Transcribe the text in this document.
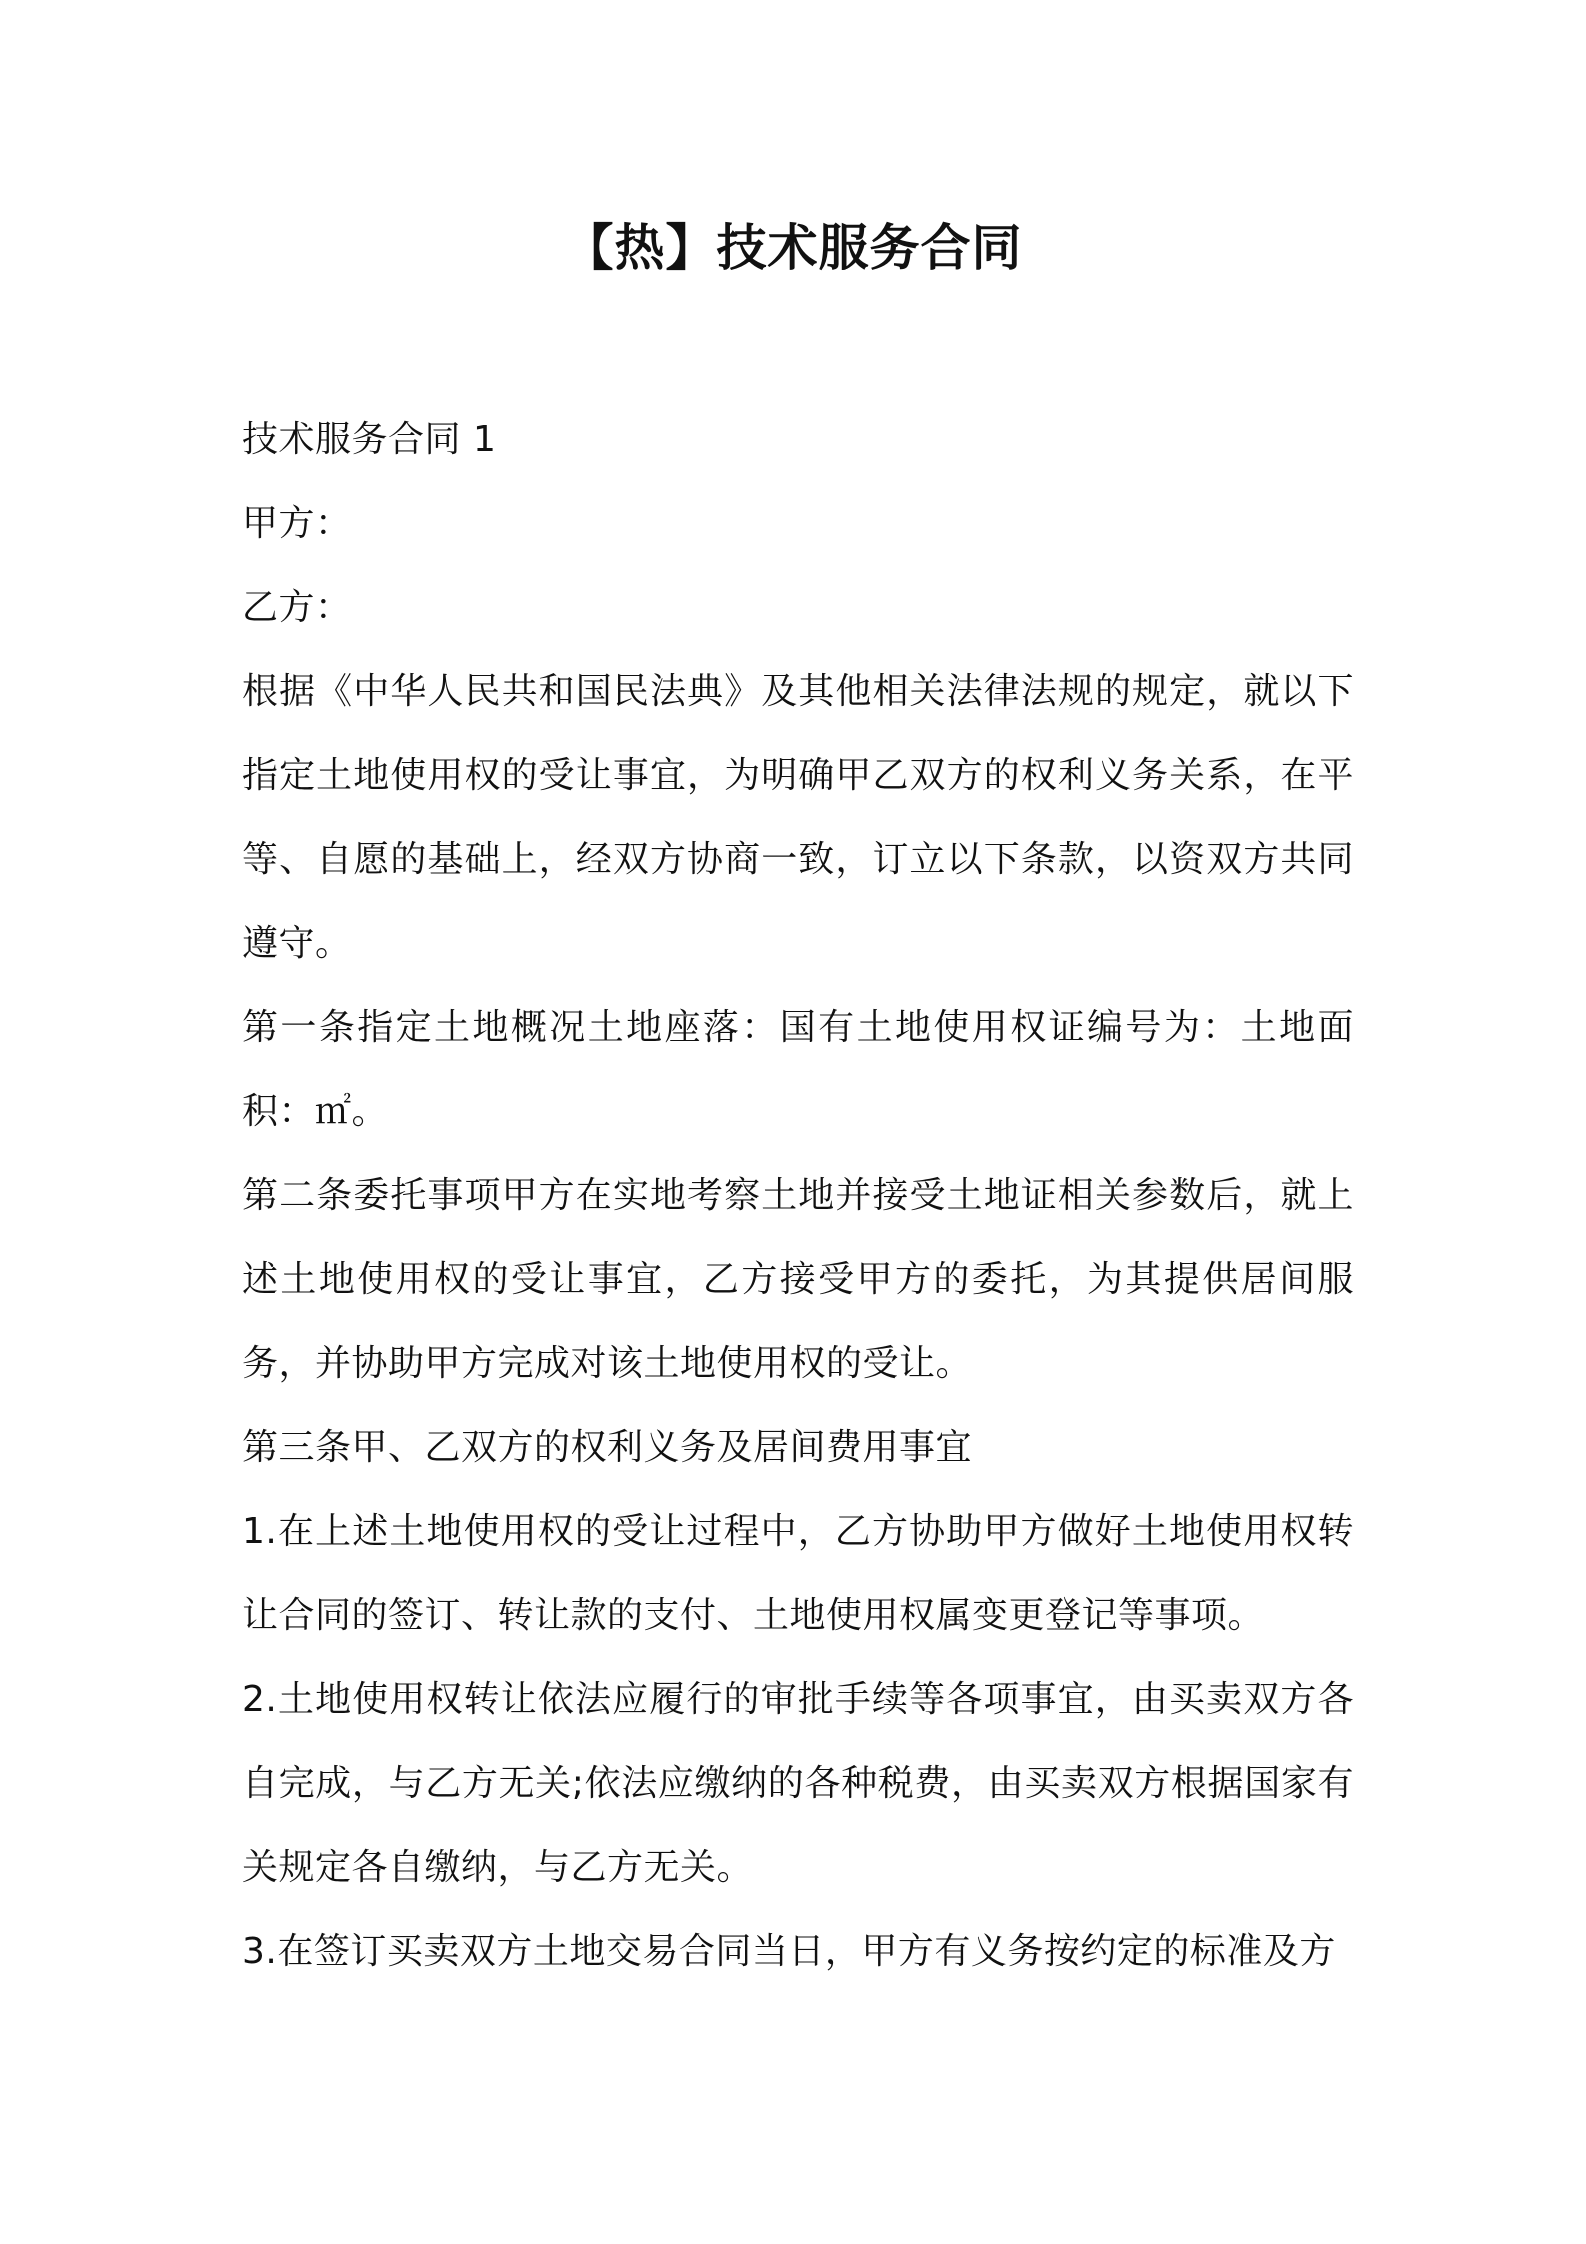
【热】技术服务合同

技术服务合同 1

甲方：

乙方：

根据《中华人民共和国民法典》及其他相关法律法规的规定，就以下指定土地使用权的受让事宜，为明确甲乙双方的权利义务关系，在平等、自愿的基础上，经双方协商一致，订立以下条款，以资双方共同遵守。

第一条指定土地概况土地座落：国有土地使用权证编号为：土地面积：㎡。

第二条委托事项甲方在实地考察土地并接受土地证相关参数后，就上述土地使用权的受让事宜，乙方接受甲方的委托，为其提供居间服务，并协助甲方完成对该土地使用权的受让。

第三条甲、乙双方的权利义务及居间费用事宜

1.在上述土地使用权的受让过程中，乙方协助甲方做好土地使用权转让合同的签订、转让款的支付、土地使用权属变更登记等事项。

2.土地使用权转让依法应履行的审批手续等各项事宜，由买卖双方各自完成，与乙方无关;依法应缴纳的各种税费，由买卖双方根据国家有关规定各自缴纳，与乙方无关。

3.在签订买卖双方土地交易合同当日，甲方有义务按约定的标准及方
